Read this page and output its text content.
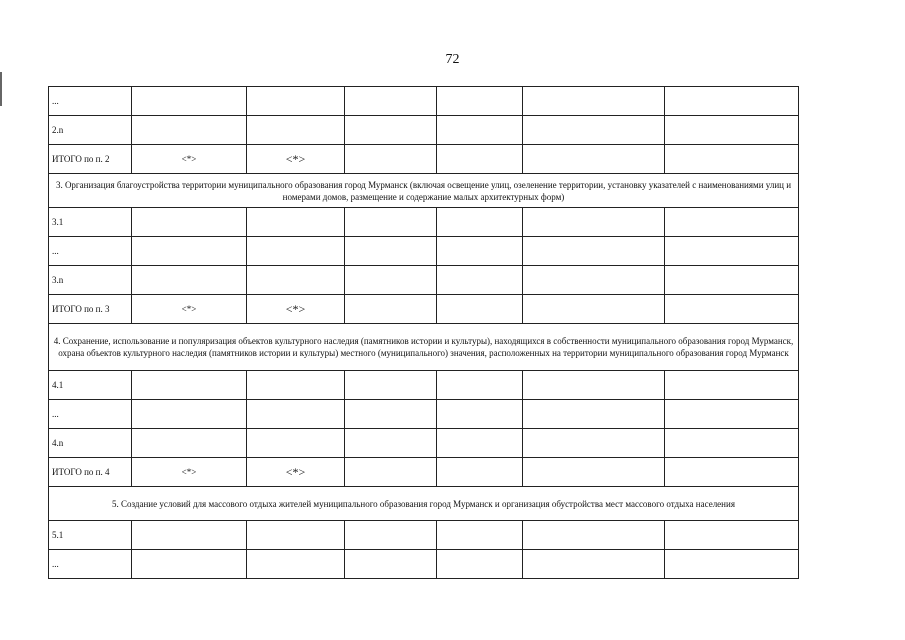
72
...						
2.n						
ИТОГО по п. 2	<*>	<*>				
3. Организация благоустройства территории муниципального образования город Мурманск (включая освещение улиц, озеленение территории, установку указателей с наименованиями улиц и номерами домов, размещение и содержание малых архитектурных форм)						
3.1						
...						
3.n						
ИТОГО по п. 3	<*>	<*>				
4. Сохранение, использование и популяризация объектов культурного наследия (памятников истории и культуры), находящихся в собственности муниципального образования город Мурманск, охрана объектов культурного наследия (памятников истории и культуры) местного (муниципального) значения, расположенных на территории муниципального образования город Мурманск						
4.1						
...						
4.n						
ИТОГО по п. 4	<*>	<*>				
5. Создание условий для массового отдыха жителей муниципального образования город Мурманск и организация обустройства мест массового отдыха населения						
5.1						
...						
